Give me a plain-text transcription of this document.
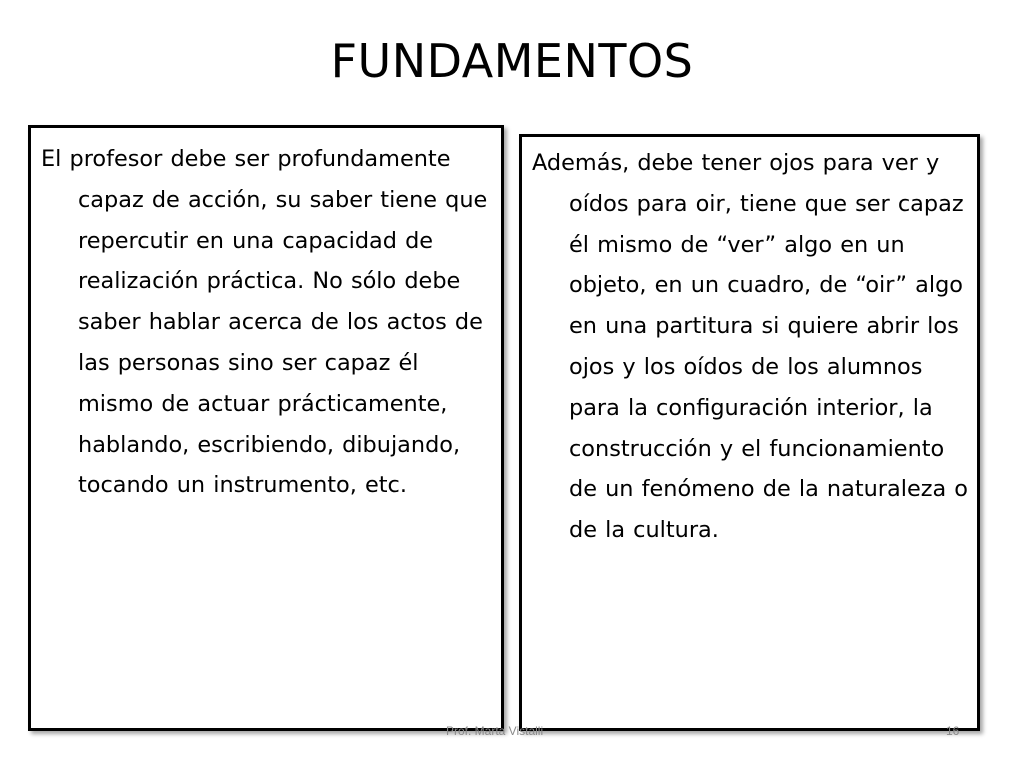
FUNDAMENTOS

El profesor debe ser profundamente capaz de acción, su saber tiene que repercutir en una capacidad de realización práctica. No sólo debe saber hablar acerca de los actos de las personas sino ser capaz él mismo de actuar prácticamente, hablando, escribiendo, dibujando, tocando un instrumento, etc.

Además, debe tener ojos para ver y oídos para oir, tiene que ser capaz él mismo de “ver” algo en un objeto, en un cuadro, de “oir” algo en una partitura si quiere abrir los ojos y los oídos de los alumnos para la configuración interior, la construcción y el funcionamiento de un fenómeno de la naturaleza o de la cultura.

Prof. Marta Vistalli	16
